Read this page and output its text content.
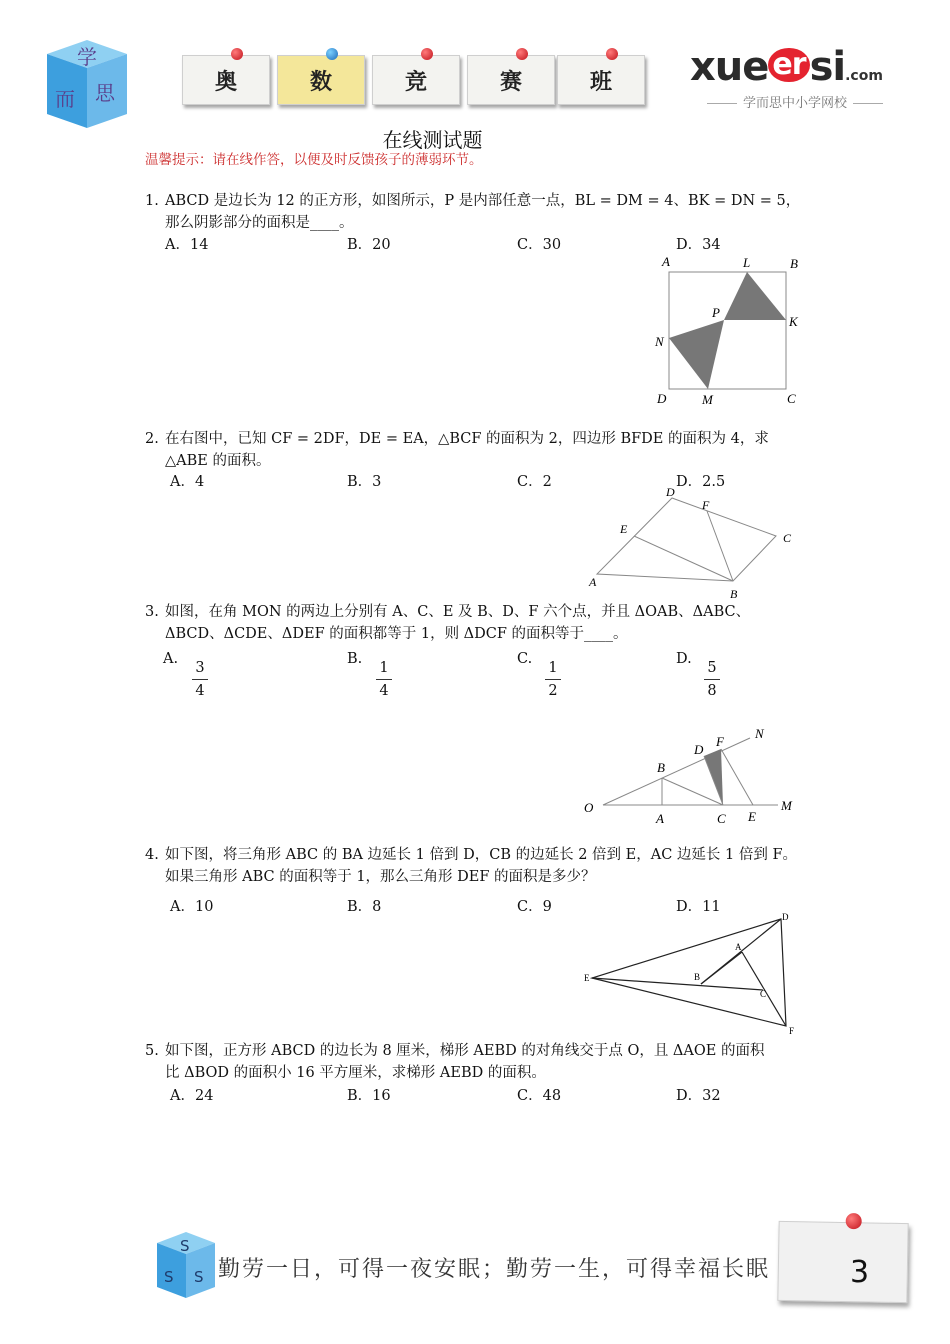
学
而 思	奥	数	竞	赛	班 xue er si.com
学而思中小学网校
在线测试题
温馨提示：请在线作答，以便及时反馈孩子的薄弱环节。
1. ABCD 是边长为 12 的正方形，如图所示，P 是内部任意一点，BL = DM = 4、BK = DN = 5，
那么阴影部分的面积是____。
A．14	B．20	C．30	D．34
A	L	B
P
K
N
D	M	C
2. 在右图中，已知 CF = 2DF，DE = EA，△BCF 的面积为 2，四边形 BFDE 的面积为 4，求
△ABE 的面积。
A．4	B．3	C．2	D．2.5
D
F
E
C
A
B
3. 如图，在角 MON 的两边上分别有 A、C、E 及 B、D、F 六个点，并且 ΔOAB、ΔABC、
ΔBCD、ΔCDE、ΔDEF 的面积都等于 1，则 ΔDCF 的面积等于____。
A.	B.	C.	D.
3
4
1
4
1
2
5
8
N
F
D
B
O	M
A	C E
4. 如下图，将三角形 ABC 的 BA 边延长 1 倍到 D，CB 的边延长 2 倍到 E，AC 边延长 1 倍到 F。
如果三角形 ABC 的面积等于 1，那么三角形 DEF 的面积是多少？
A．10	B．8	C．9	D．11
D
A
E	B
C
F
5. 如下图，正方形 ABCD 的边长为 8 厘米，梯形 AEBD 的对角线交于点 O，且 ΔAOE 的面积
比 ΔBOD 的面积小 16 平方厘米，求梯形 AEBD 的面积。
A．24	B．16	C．48	D．32
S
S S 勤劳一日，可得一夜安眠；勤劳一生，可得幸福长眠	3
